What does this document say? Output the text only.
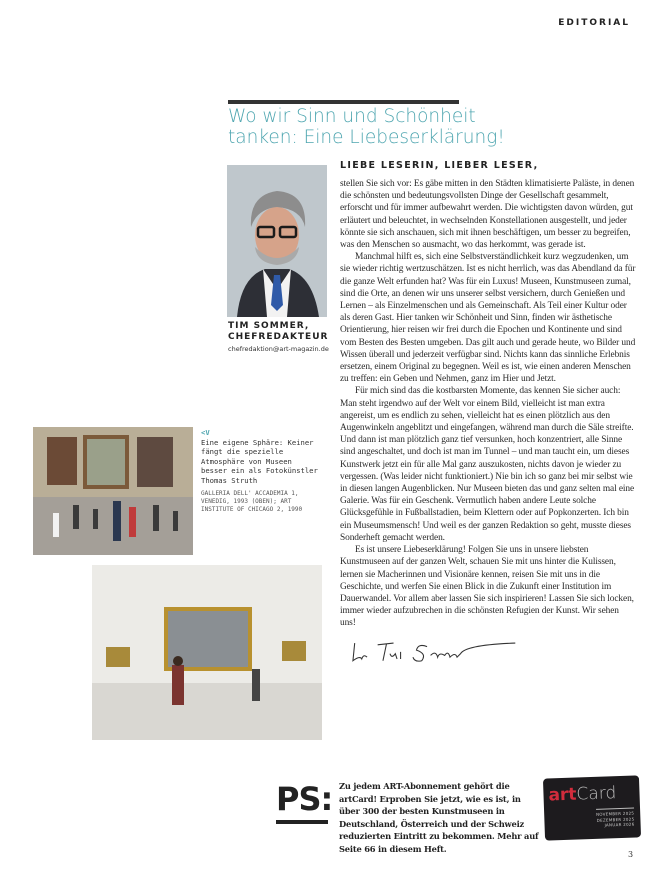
EDITORIAL
Wo wir Sinn und Schönheit tanken: Eine Liebeserklärung!
TIM SOMMER,
CHEFREDAKTEUR
chefredaktion@art-magazin.de
LIEBE LESERIN, LIEBER LESER,

stellen Sie sich vor: Es gäbe mitten in den Städten klimatisierte Paläste, in denen die schönsten und bedeutungsvollsten Dinge der Gesellschaft gesammelt, erforscht und für immer aufbewahrt werden. Die wichtigsten davon würden, gut erläutert und beleuchtet, in wechselnden Konstellationen ausgestellt, und jeder könnte sie sich anschauen, sich mit ihnen beschäftigen, um besser zu begreifen, was den Menschen so ausmacht, wo das herkommt, was gerade ist.

Manchmal hilft es, sich eine Selbstverständlichkeit kurz wegzudenken, um sie wieder richtig wertzuschätzen. Ist es nicht herrlich, was das Abendland da für die ganze Welt erfunden hat? Was für ein Luxus! Museen, Kunstmuseen zumal, sind die Orte, an denen wir uns unserer selbst versichern, durch Genießen und Lernen – als Einzelmenschen und als Gemeinschaft. Als Teil einer Kultur oder als deren Gast. Hier tanken wir Schönheit und Sinn, finden wir ästhetische Orientierung, hier reisen wir frei durch die Epochen und Kontinente und sind vom Besten des Besten umgeben. Das gilt auch und gerade heute, wo Bilder und Wissen überall und jederzeit verfügbar sind. Nichts kann das sinnliche Erlebnis ersetzen, einem Original zu begegnen. Weil es ist, wie einen anderen Menschen zu treffen: ein Geben und Nehmen, ganz im Hier und Jetzt.

Für mich sind das die kostbarsten Momente, das kennen Sie sicher auch: Man steht irgendwo auf der Welt vor einem Bild, vielleicht ist man extra angereist, um es endlich zu sehen, vielleicht hat es einen plötzlich aus den Augenwinkeln angeblitzt und eingefangen, während man durch die Säle streifte. Und dann ist man plötzlich ganz tief versunken, hoch konzentriert, alle Sinne sind angeschaltet, und doch ist man im Tunnel – und man taucht ein, um dieses Kunstwerk jetzt ein für alle Mal ganz auszukosten, nichts davon je wieder zu vergessen. (Was leider nicht funktioniert.) Nie bin ich so ganz bei mir selbst wie in diesen langen Augenblicken. Nur Museen bieten das und ganz selten mal eine Galerie. Was für ein Geschenk. Vermutlich haben andere Leute solche Glücksgefühle in Fußballstadien, beim Klettern oder auf Popkonzerten. Ich bin ein Museumsmensch! Und weil es der ganzen Redaktion so geht, musste dieses Sonderheft gemacht werden.

Es ist unsere Liebeserklärung! Folgen Sie uns in unsere liebsten Kunstmuseen auf der ganzen Welt, schauen Sie mit uns hinter die Kulissen, lernen sie Macherinnen und Visionäre kennen, reisen Sie mit uns in die Geschichte, und werfen Sie einen Blick in die Zukunft einer Institution im Dauerwandel. Vor allem aber lassen Sie sich inspirieren! Lassen Sie sich locken, immer wieder aufzubrechen in die schönsten Refugien der Kunst. Wir sehen uns!

<V
Eine eigene Sphäre: Keiner fängt die spezielle Atmosphäre von Museen besser ein als Fotokünstler Thomas Struth
GALLERIA DELL' ACCADEMIA 1, VENEDIG, 1993 (OBEN); ART INSTITUTE OF CHICAGO 2, 1990
PS: Zu jedem ART-Abonnement gehört die artCard! Erproben Sie jetzt, wie es ist, in über 300 der besten Kunstmuseen in Deutschland, Österreich und der Schweiz reduzierten Eintritt zu bekommen. Mehr auf Seite 66 in diesem Heft.
artCard
NOVEMBER 2025
DEZEMBER 2025
JANUAR 2026
3
